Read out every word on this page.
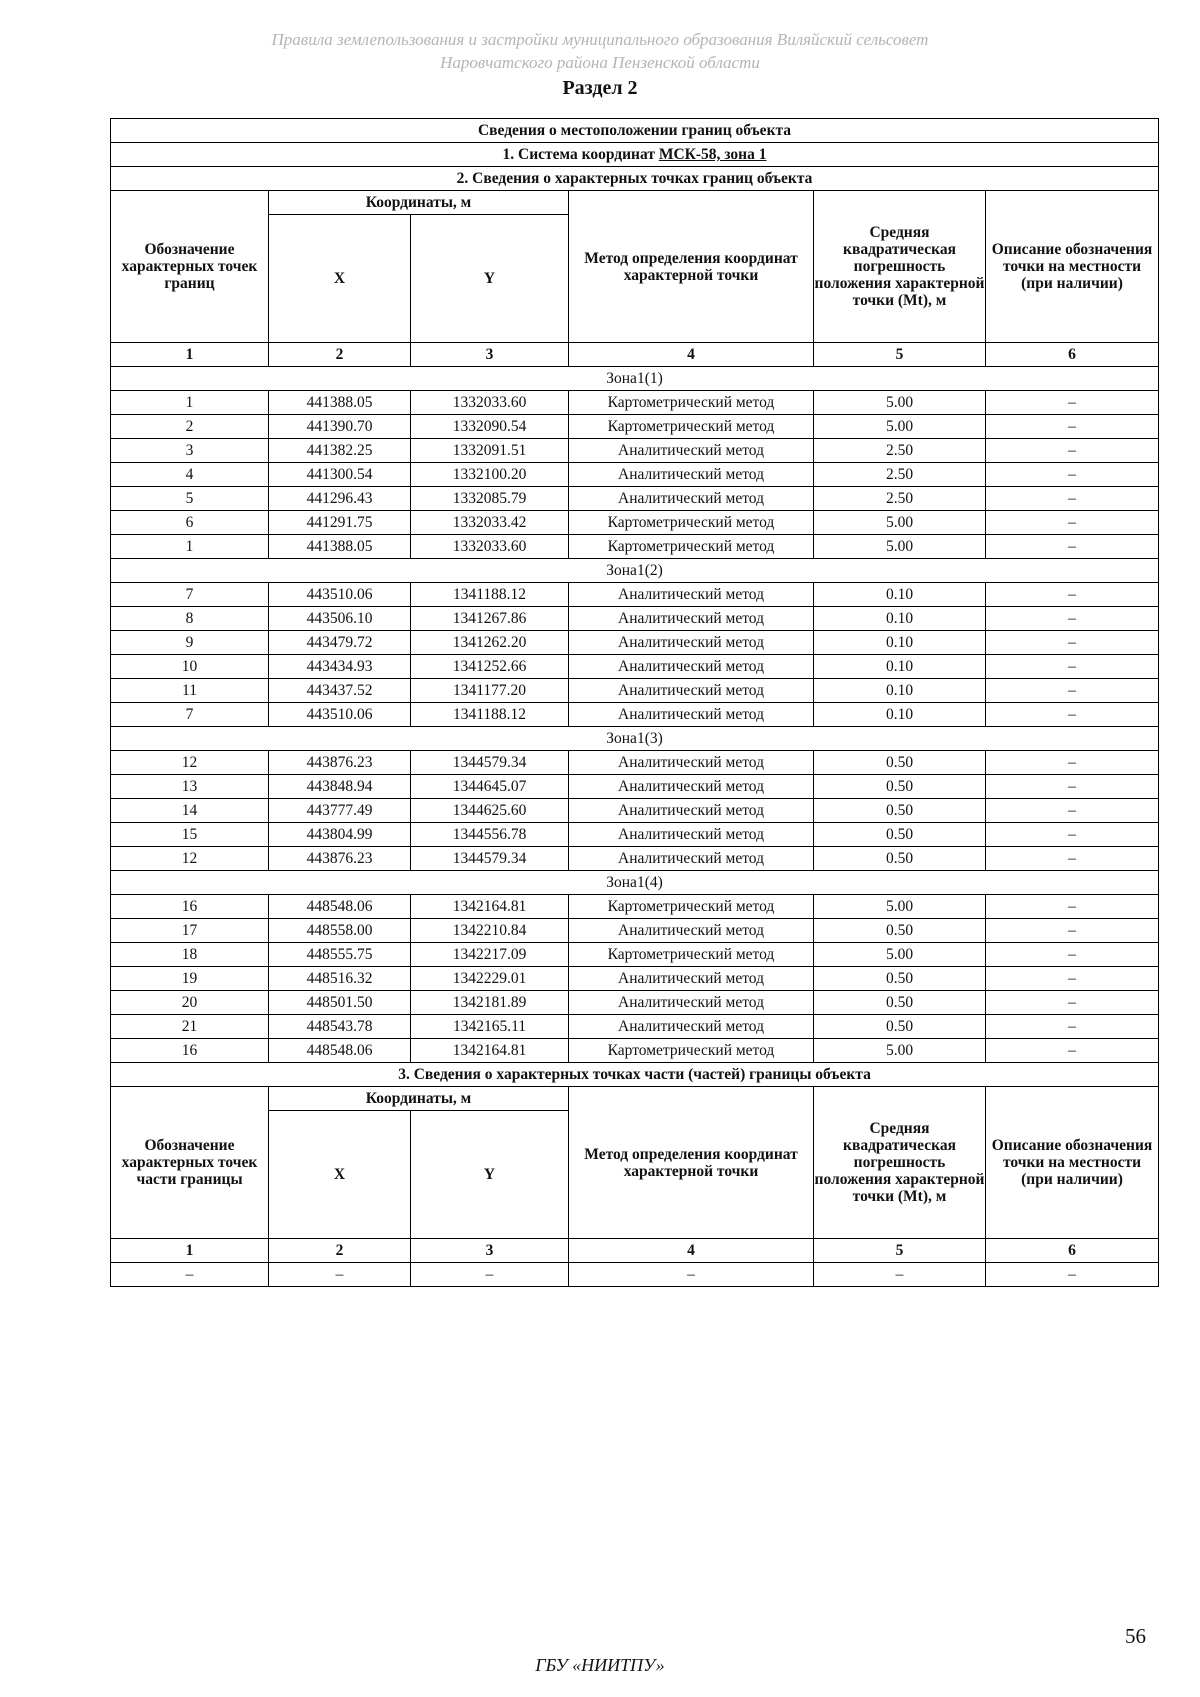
Правила землепользования и застройки муниципального образования Виляйский сельсовет
Наровчатского района Пензенской области
Раздел 2
Сведения о местоположении границ объекта					
1. Система координат МСК-58, зона 1					
2. Сведения о характерных точках границ объекта					
Обозначение характерных точек границ	Координаты, м		Метод определения координат характерной точки	Средняя квадратическая погрешность положения характерной точки (Mt), м	Описание обозначения точки на местности (при наличии)
	X	Y			
1	2	3	4	5	6
Зона1(1)					
1	441388.05	1332033.60	Картометрический метод	5.00	–
2	441390.70	1332090.54	Картометрический метод	5.00	–
3	441382.25	1332091.51	Аналитический метод	2.50	–
4	441300.54	1332100.20	Аналитический метод	2.50	–
5	441296.43	1332085.79	Аналитический метод	2.50	–
6	441291.75	1332033.42	Картометрический метод	5.00	–
1	441388.05	1332033.60	Картометрический метод	5.00	–
Зона1(2)					
7	443510.06	1341188.12	Аналитический метод	0.10	–
8	443506.10	1341267.86	Аналитический метод	0.10	–
9	443479.72	1341262.20	Аналитический метод	0.10	–
10	443434.93	1341252.66	Аналитический метод	0.10	–
11	443437.52	1341177.20	Аналитический метод	0.10	–
7	443510.06	1341188.12	Аналитический метод	0.10	–
Зона1(3)					
12	443876.23	1344579.34	Аналитический метод	0.50	–
13	443848.94	1344645.07	Аналитический метод	0.50	–
14	443777.49	1344625.60	Аналитический метод	0.50	–
15	443804.99	1344556.78	Аналитический метод	0.50	–
12	443876.23	1344579.34	Аналитический метод	0.50	–
Зона1(4)					
16	448548.06	1342164.81	Картометрический метод	5.00	–
17	448558.00	1342210.84	Аналитический метод	0.50	–
18	448555.75	1342217.09	Картометрический метод	5.00	–
19	448516.32	1342229.01	Аналитический метод	0.50	–
20	448501.50	1342181.89	Аналитический метод	0.50	–
21	448543.78	1342165.11	Аналитический метод	0.50	–
16	448548.06	1342164.81	Картометрический метод	5.00	–
3. Сведения о характерных точках части (частей) границы объекта					
Обозначение характерных точек части границы	Координаты, м		Метод определения координат характерной точки	Средняя квадратическая погрешность положения характерной точки (Mt), м	Описание обозначения точки на местности (при наличии)
	X	Y			
1	2	3	4	5	6
–	–	–	–	–	–
56
ГБУ «НИИТПУ»
